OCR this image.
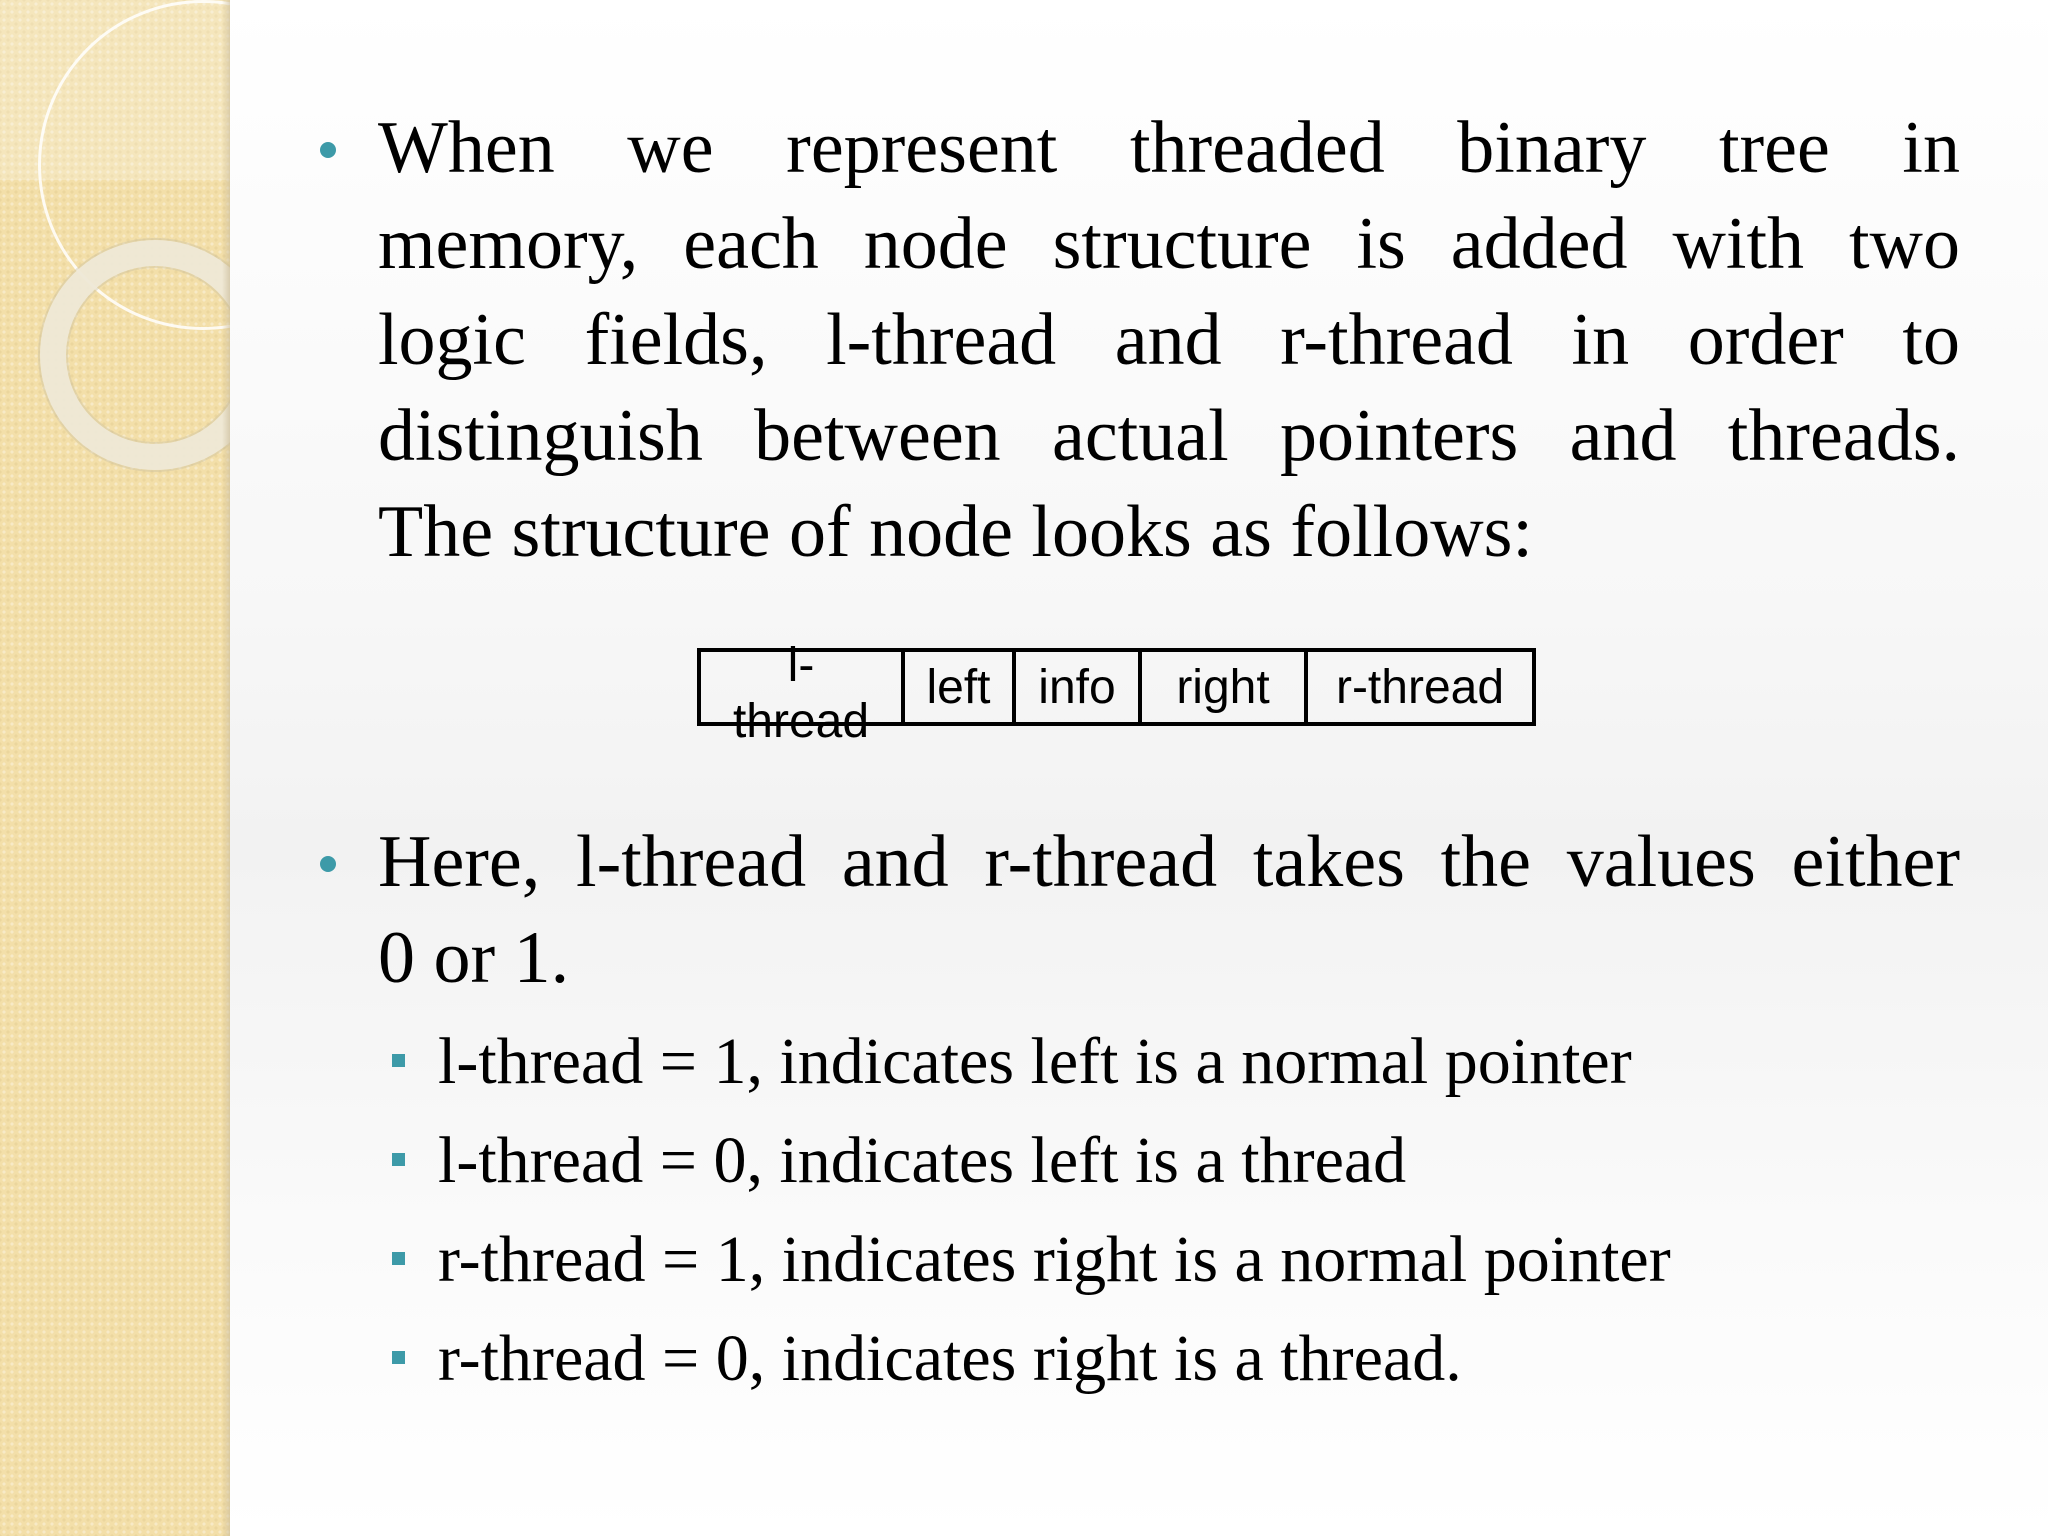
When we represent threaded binary tree in
memory, each node structure is added with two
logic fields, l-thread and r-thread in order to
distinguish between actual pointers and threads.
The structure of node looks as follows:
l-
thread
	left	info	right	r-thread
Here, l-thread and r-thread takes the values either
0 or 1.
l-thread = 1, indicates left is a normal pointer
l-thread = 0, indicates left is a thread
r-thread = 1, indicates right is a normal pointer
r-thread = 0, indicates right is a thread.
